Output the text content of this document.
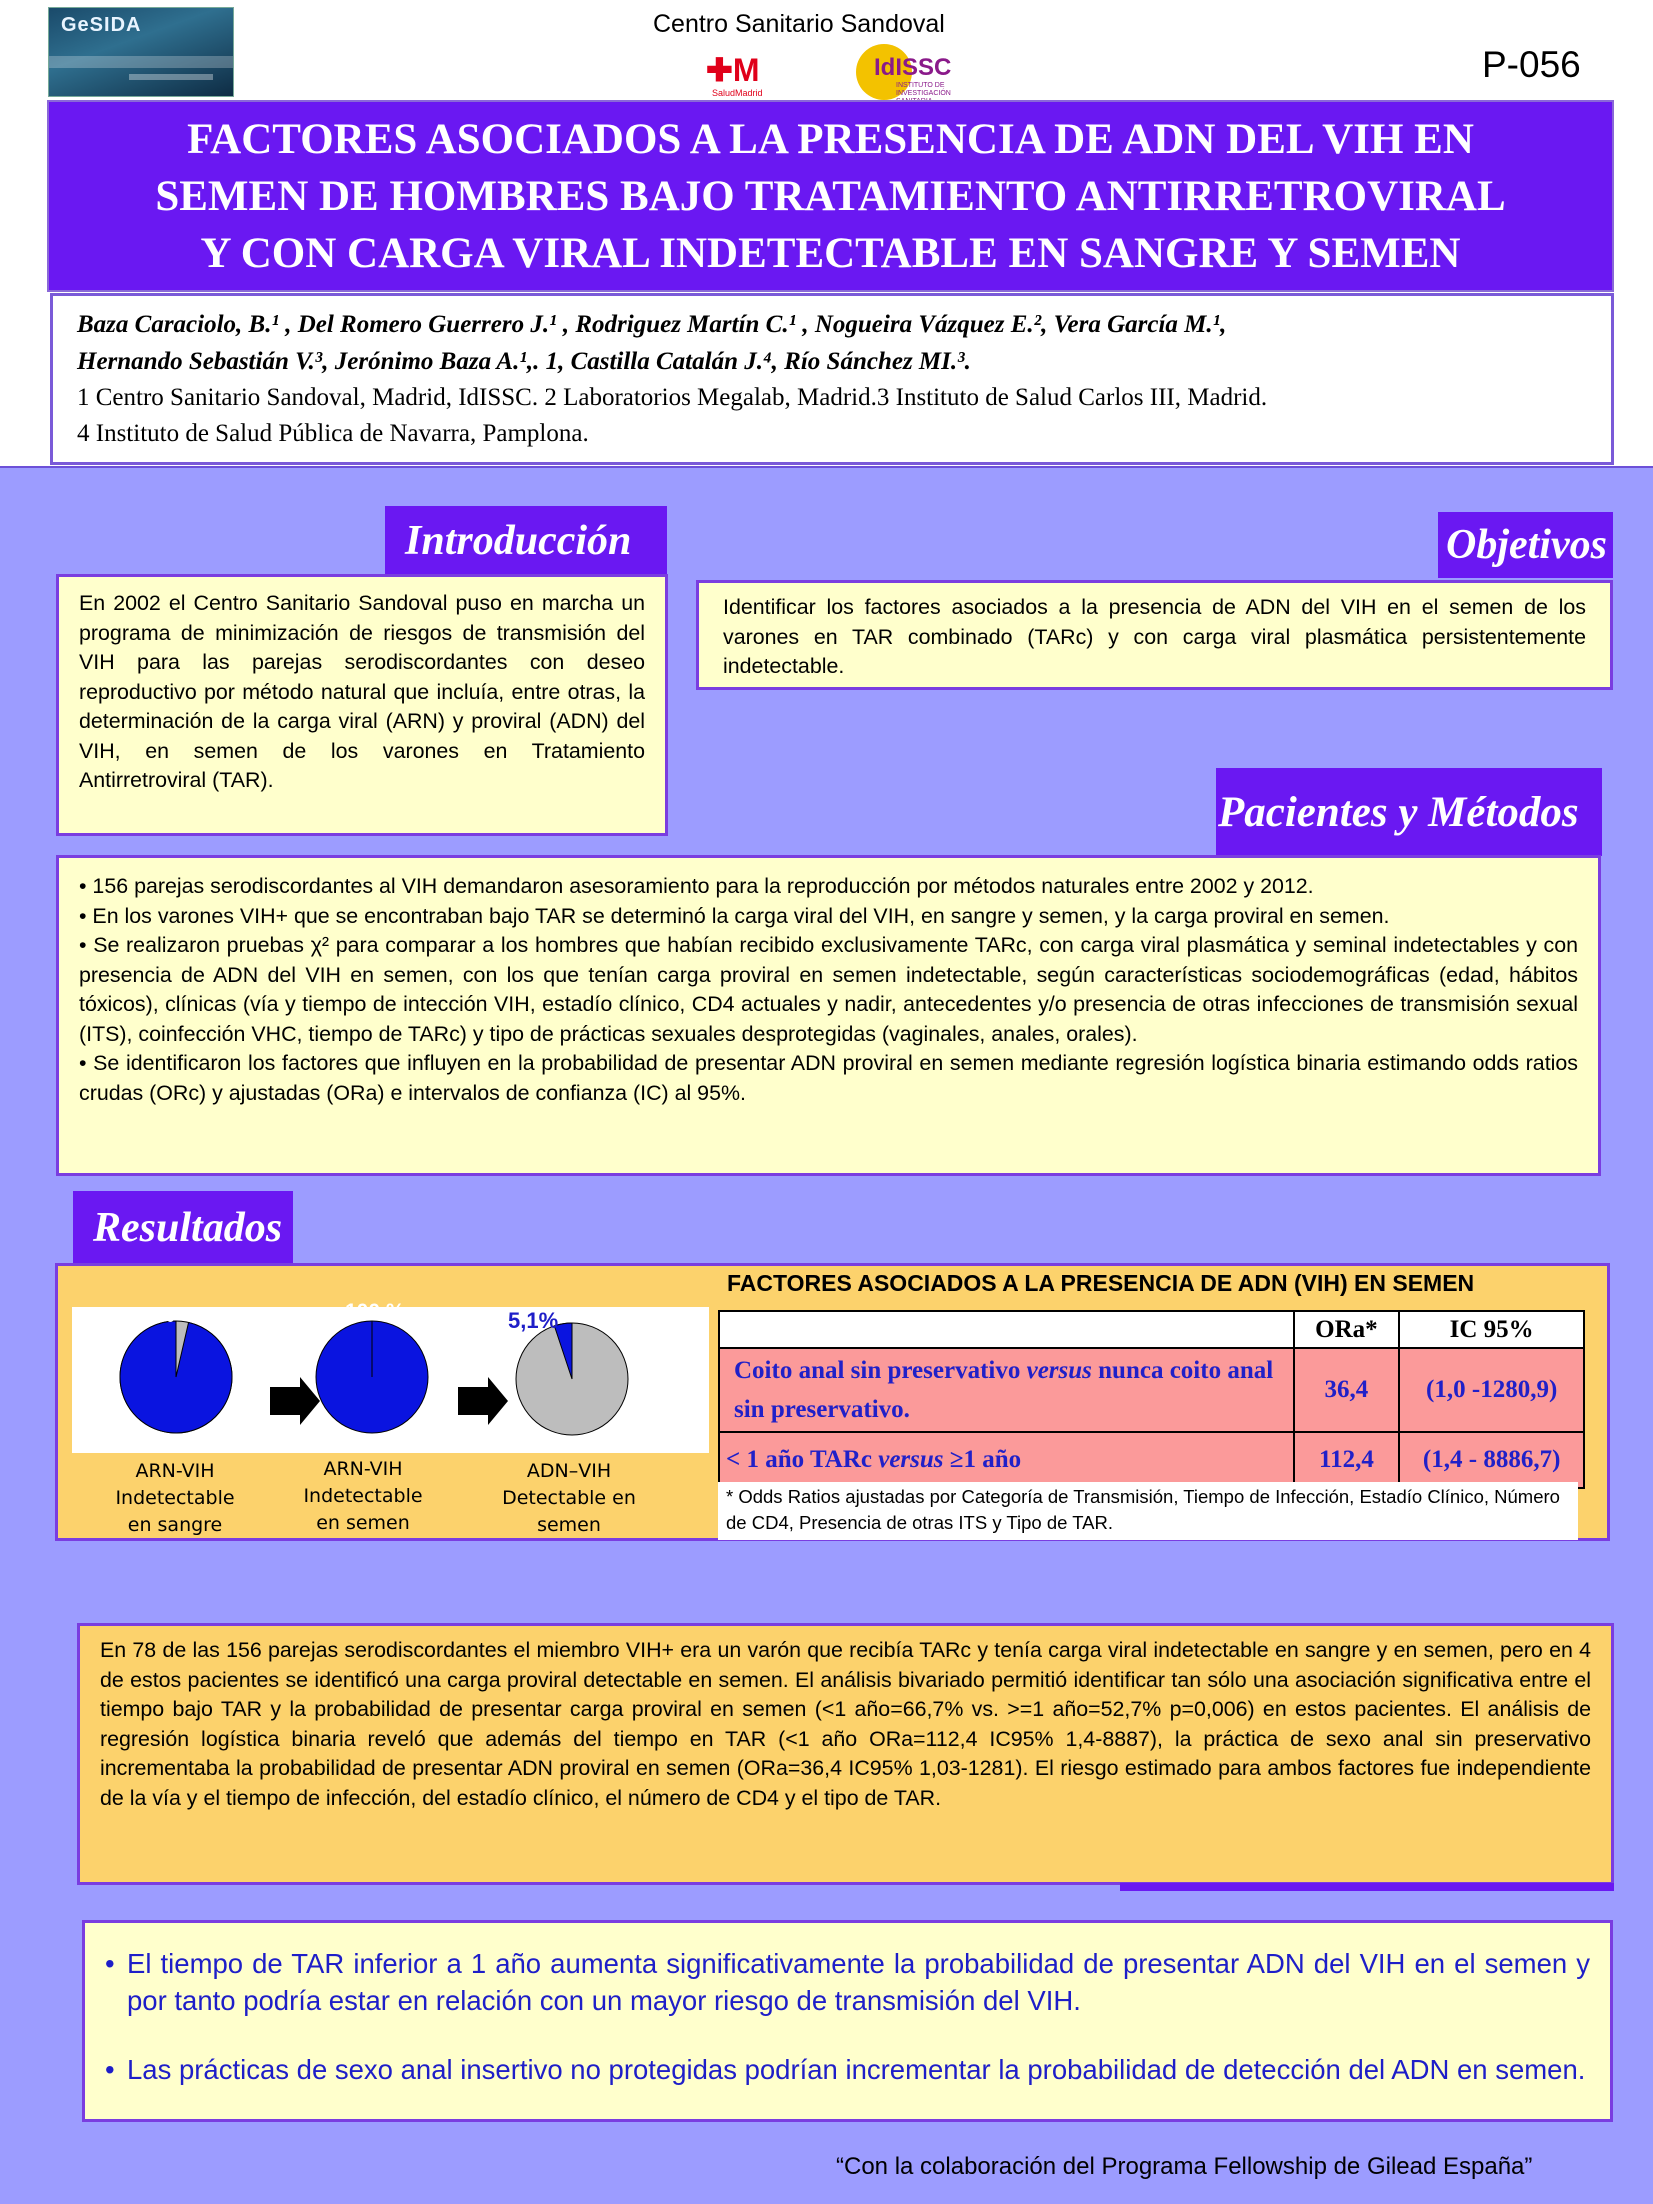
GeSIDA	Centro Sanitario Sandoval
✚M
SaludMadrid
IdISSC
INSTITUTO DE INVESTIGACIÓN
P-056
FACTORES ASOCIADOS A LA PRESENCIA DE ADN DEL VIH EN
SEMEN DE HOMBRES BAJO TRATAMIENTO ANTIRRETROVIRAL
Y CON CARGA VIRAL INDETECTABLE EN SANGRE Y SEMEN
Baza Caraciolo, B.¹ , Del Romero Guerrero J.¹ , Rodriguez Martín C.¹ , Nogueira Vázquez E.², Vera García M.¹,
Hernando Sebastián V.³, Jerónimo Baza A.¹,. 1, Castilla Catalán J.⁴, Río Sánchez MI.³.
1 Centro Sanitario Sandoval, Madrid, IdISSC. 2 Laboratorios Megalab, Madrid.3 Instituto de Salud Carlos III, Madrid.
4 Instituto de Salud Pública de Navarra, Pamplona.
Introducción
En 2002 el Centro Sanitario Sandoval puso en marcha un programa de minimización de riesgos de transmisión del VIH para las parejas serodiscordantes con deseo reproductivo por método natural que incluía, entre otras, la determinación de la carga viral (ARN) y proviral (ADN) del VIH, en semen de los varones en Tratamiento Antirretroviral (TAR).
Objetivos
Identificar los factores asociados a la presencia de ADN del VIH en el semen de los varones en TAR combinado (TARc) y con carga viral plasmática persistentemente indetectable.
Pacientes y Métodos

• 156 parejas serodiscordantes al VIH demandaron asesoramiento para la reproducción por métodos naturales entre 2002 y 2012.

• En los varones VIH+ que se encontraban bajo TAR se determinó la carga viral del VIH, en sangre y semen, y la carga proviral en semen.

• Se realizaron pruebas χ² para comparar a los hombres que habían recibido exclusivamente TARc, con carga viral plasmática y seminal indetectables y con presencia de ADN del VIH en semen, con los que tenían carga proviral en semen indetectable, según características sociodemográficas (edad, hábitos tóxicos), clínicas (vía y tiempo de intección VIH, estadío clínico, CD4 actuales y nadir, antecedentes y/o presencia de otras infecciones de transmisión sexual (ITS), coinfección VHC, tiempo de TARc) y tipo de prácticas sexuales desprotegidas (vaginales, anales, orales).

• Se identificaron los factores que influyen en la probabilidad de presentar ADN proviral en semen mediante regresión logística binaria estimando odds ratios crudas (ORc) y ajustadas (ORa) e intervalos de confianza (IC) al 95%.

Resultados
96,4%	100 %	5,1%
ARN-VIH
Indetectable
en sangre
ARN-VIH
Indetectable
en semen
ADN–VIH
Detectable en
semen
FACTORES ASOCIADOS A LA PRESENCIA DE ADN (VIH) EN SEMEN
	ORa*	IC 95%
Coito anal sin preservativo versus nunca coito anal sin preservativo.	36,4	(1,0 -1280,9)
< 1 año TARc versus ≥1 año	112,4	(1,4 - 8886,7)
* Odds Ratios ajustadas por Categoría de Transmisión, Tiempo de Infección, Estadío Clínico, Número de CD4, Presencia de otras ITS y Tipo de TAR.
En 78 de las 156 parejas serodiscordantes el miembro VIH+ era un varón que recibía TARc y tenía carga viral indetectable en sangre y en semen, pero en 4 de estos pacientes se identificó una carga proviral detectable en semen. El análisis bivariado permitió identificar tan sólo una asociación significativa entre el tiempo bajo TAR y la probabilidad de presentar carga proviral en semen (<1 año=66,7% vs. >=1 año=52,7% p=0,006) en estos pacientes. El análisis de regresión logística binaria reveló que además del tiempo en TAR (<1 año ORa=112,4 IC95% 1,4-8887), la práctica de sexo anal sin preservativo incrementaba la probabilidad de presentar ADN proviral en semen (ORa=36,4 IC95% 1,03-1281). El riesgo estimado para ambos factores fue independiente de la vía y el tiempo de infección, del estadío clínico, el número de CD4 y el tipo de TAR.
• El tiempo de TAR inferior a 1 año aumenta significativamente la probabilidad de presentar ADN del VIH en el semen y por tanto podría estar en relación con un mayor riesgo de transmisión del VIH.
• Las prácticas de sexo anal insertivo no protegidas podrían incrementar la probabilidad de detección del ADN en semen.
“Con la colaboración del Programa Fellowship de Gilead España”
